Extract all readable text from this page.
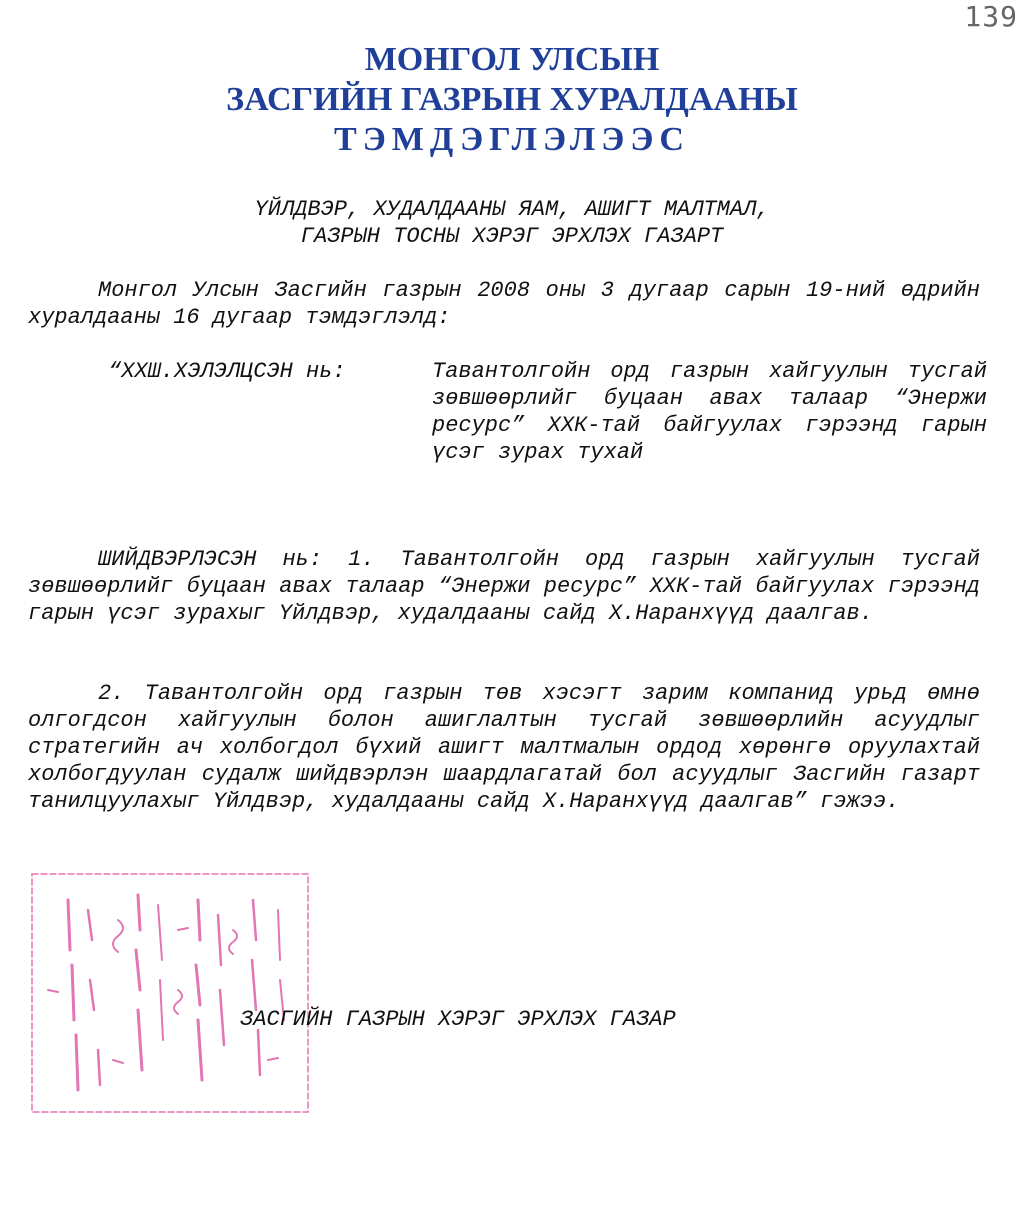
139
МОНГОЛ УЛСЫН
ЗАСГИЙН ГАЗРЫН ХУРАЛДААНЫ
ТЭМДЭГЛЭЛЭЭС
ҮЙЛДВЭР, ХУДАЛДААНЫ ЯАМ, АШИГТ МАЛТМАЛ,
ГАЗРЫН ТОСНЫ ХЭРЭГ ЭРХЛЭХ ГАЗАРТ
Монгол Улсын Засгийн газрын 2008 оны 3 дугаар сарын 19-ний өдрийн хуралдааны 16 дугаар тэмдэглэлд:
“ХХШ.ХЭЛЭЛЦСЭН нь:	Тавантолгойн орд газрын хайгуулын тусгай зөвшөөрлийг буцаан авах талаар “Энержи ресурс” ХХК-тай байгуулах гэрээнд гарын үсэг зурах тухай
ШИЙДВЭРЛЭСЭН нь: 1. Тавантолгойн орд газрын хайгуулын тусгай зөвшөөрлийг буцаан авах талаар “Энержи ресурс” ХХК-тай байгуулах гэрээнд гарын үсэг зурахыг Үйлдвэр, худалдааны сайд Х.Наранхүүд даалгав.
2. Тавантолгойн орд газрын төв хэсэгт зарим компанид урьд өмнө олгогдсон хайгуулын болон ашиглалтын тусгай зөвшөөрлийн асуудлыг стратегийн ач холбогдол бүхий ашигт малтмалын ордод хөрөнгө оруулахтай холбогдуулан судалж шийдвэрлэн шаардлагатай бол асуудлыг Засгийн газарт танилцуулахыг Үйлдвэр, худалдааны сайд Х.Наранхүүд даалгав” гэжээ.
ЗАСГИЙН ГАЗРЫН ХЭРЭГ ЭРХЛЭХ ГАЗАР
